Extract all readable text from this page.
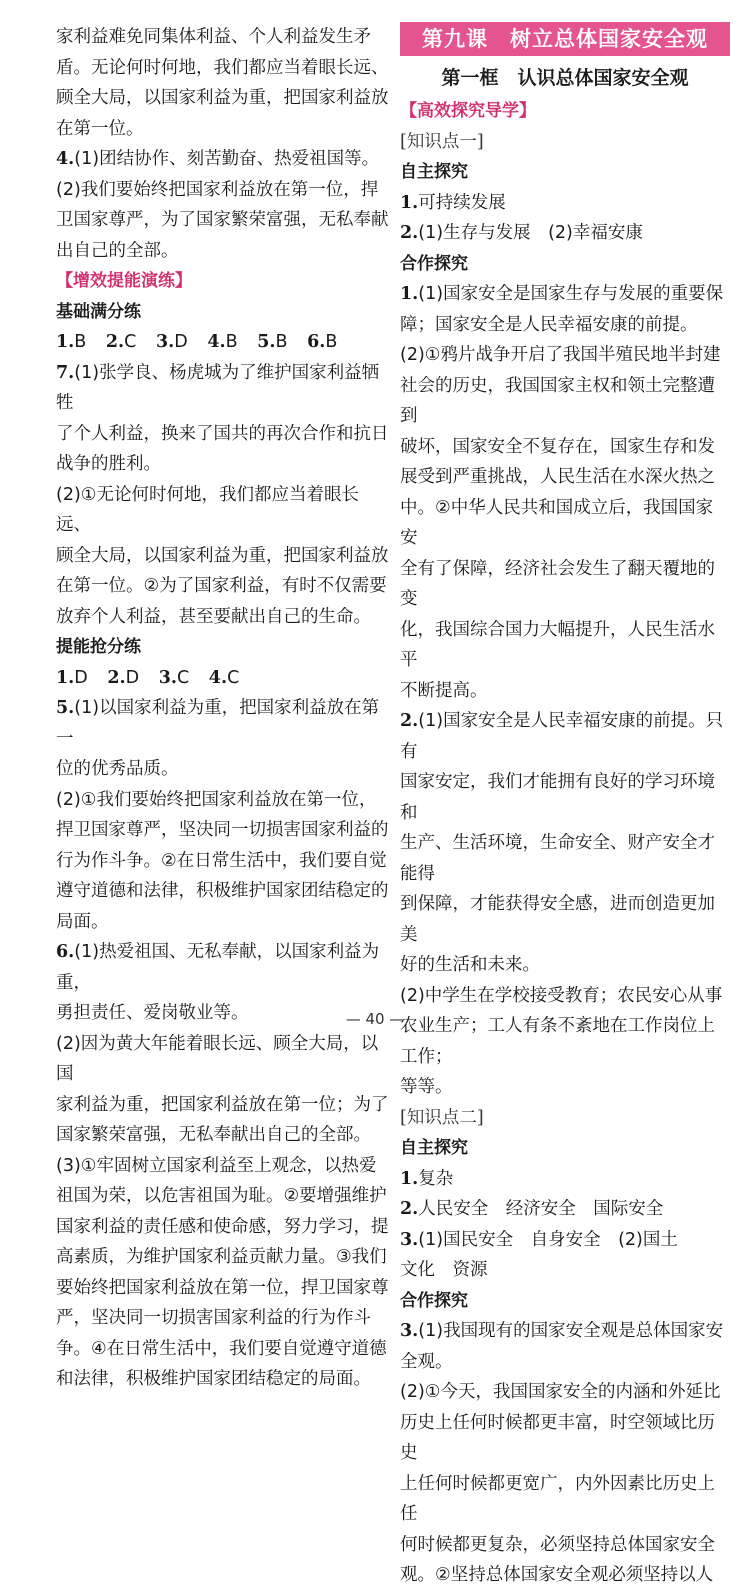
家利益难免同集体利益、个人利益发生矛

盾。无论何时何地，我们都应当着眼长远、

顾全大局，以国家利益为重，把国家利益放

在第一位。

4.(1)团结协作、刻苦勤奋、热爱祖国等。

(2)我们要始终把国家利益放在第一位，捍

卫国家尊严，为了国家繁荣富强，无私奉献

出自己的全部。

【增效提能演练】

基础满分练

1.B 2.C 3.D 4.B 5.B 6.B

7.(1)张学良、杨虎城为了维护国家利益牺牲

了个人利益，换来了国共的再次合作和抗日

战争的胜利。

(2)①无论何时何地，我们都应当着眼长远、

顾全大局，以国家利益为重，把国家利益放

在第一位。②为了国家利益，有时不仅需要

放弃个人利益，甚至要献出自己的生命。

提能抢分练

1.D 2.D 3.C 4.C

5.(1)以国家利益为重，把国家利益放在第一

位的优秀品质。

(2)①我们要始终把国家利益放在第一位，

捍卫国家尊严，坚决同一切损害国家利益的

行为作斗争。②在日常生活中，我们要自觉

遵守道德和法律，积极维护国家团结稳定的

局面。

6.(1)热爱祖国、无私奉献，以国家利益为重，

勇担责任、爱岗敬业等。

(2)因为黄大年能着眼长远、顾全大局，以国

家利益为重，把国家利益放在第一位；为了

国家繁荣富强，无私奉献出自己的全部。

(3)①牢固树立国家利益至上观念，以热爱

祖国为荣，以危害祖国为耻。②要增强维护

国家利益的责任感和使命感，努力学习，提

高素质，为维护国家利益贡献力量。③我们

要始终把国家利益放在第一位，捍卫国家尊

严，坚决同一切损害国家利益的行为作斗

争。④在日常生活中，我们要自觉遵守道德

和法律，积极维护国家团结稳定的局面。

第九课　树立总体国家安全观

第一框　认识总体国家安全观

【高效探究导学】

[知识点一]

自主探究

1.可持续发展

2.(1)生存与发展　(2)幸福安康

合作探究

1.(1)国家安全是国家生存与发展的重要保

障；国家安全是人民幸福安康的前提。

(2)①鸦片战争开启了我国半殖民地半封建

社会的历史，我国国家主权和领土完整遭到

破坏，国家安全不复存在，国家生存和发

展受到严重挑战，人民生活在水深火热之

中。②中华人民共和国成立后，我国国家安

全有了保障，经济社会发生了翻天覆地的变

化，我国综合国力大幅提升，人民生活水平

不断提高。

2.(1)国家安全是人民幸福安康的前提。只有

国家安定，我们才能拥有良好的学习环境和

生产、生活环境，生命安全、财产安全才能得

到保障，才能获得安全感，进而创造更加美

好的生活和未来。

(2)中学生在学校接受教育；农民安心从事

农业生产；工人有条不紊地在工作岗位上工作；

等等。

[知识点二]

自主探究

1.复杂

2.人民安全　经济安全　国际安全

3.(1)国民安全　自身安全　(2)国土

文化　资源

合作探究

3.(1)我国现有的国家安全观是总体国家安

全观。

(2)①今天，我国国家安全的内涵和外延比

历史上任何时候都更丰富，时空领域比历史

上任何时候都更宽广，内外因素比历史上任

何时候都更复杂，必须坚持总体国家安全

观。②坚持总体国家安全观必须坚持以人

— 40 —
